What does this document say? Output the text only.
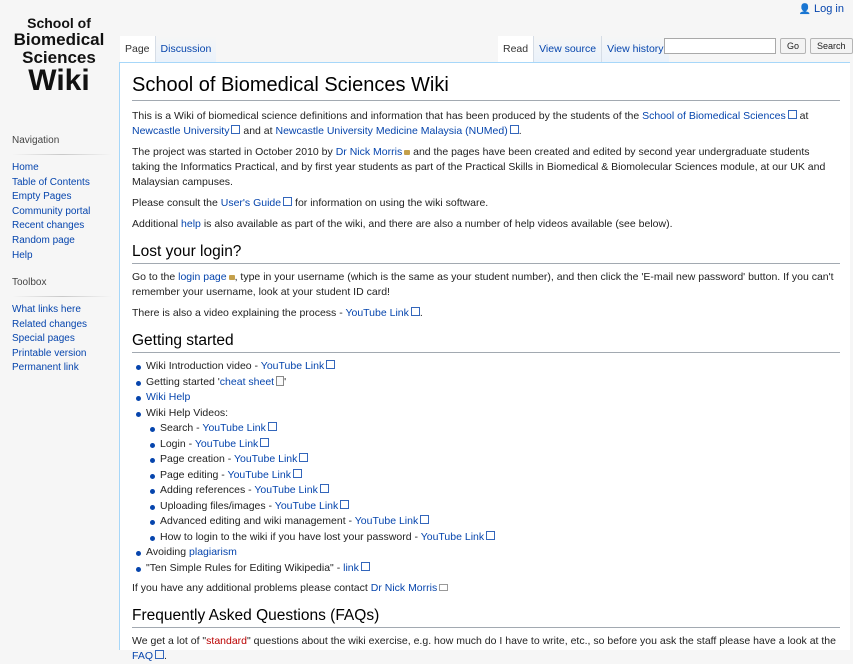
School of
Biomedical
Sciences
Wiki
👤 Log in
Navigation
Home
Table of Contents
Empty Pages
Community portal
Recent changes
Random page
Help
Toolbox
What links here
Related changes
Special pages
Printable version
Permanent link
Page	Discussion	Read	View source	View history	Go	Search
School of Biomedical Sciences Wiki

This is a Wiki of biomedical science definitions and information that has been produced by the students of the School of Biomedical Sciences at Newcastle University and at Newcastle University Medicine Malaysia (NUMed) .

The project was started in October 2010 by Dr Nick Morris and the pages have been created and edited by second year undergraduate students taking the Informatics Practical, and by first year students as part of the Practical Skills in Biomedical & Biomolecular Sciences module, at our UK and Malaysian campuses.

Please consult the User's Guide for information on using the wiki software.

Additional help is also available as part of the wiki, and there are also a number of help videos available (see below).

Lost your login?

Go to the login page , type in your username (which is the same as your student number), and then click the 'E-mail new password' button. If you can't remember your username, look at your student ID card!

There is also a video explaining the process - YouTube Link .

Getting started
Wiki Introduction video - YouTube Link
Getting started 'cheat sheet '
Wiki Help
Wiki Help Videos:
Search - YouTube Link
Login - YouTube Link
Page creation - YouTube Link
Page editing - YouTube Link
Adding references - YouTube Link
Uploading files/images - YouTube Link
Advanced editing and wiki management - YouTube Link
How to login to the wiki if you have lost your password - YouTube Link
Avoiding plagiarism
"Ten Simple Rules for Editing Wikipedia" - link

If you have any additional problems please contact Dr Nick Morris

Frequently Asked Questions (FAQs)

We get a lot of "standard" questions about the wiki exercise, e.g. how much do I have to write, etc., so before you ask the staff please have a look at the FAQ .
